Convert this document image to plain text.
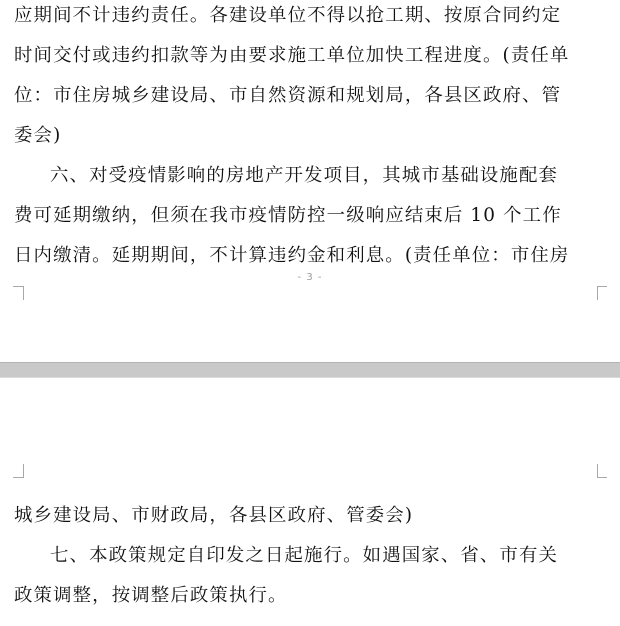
应期间不计违约责任。各建设单位不得以抢工期、按原合同约定
时间交付或违约扣款等为由要求施工单位加快工程进度。(责任单
位：市住房城乡建设局、市自然资源和规划局，各县区政府、管
委会)
六、对受疫情影响的房地产开发项目，其城市基础设施配套
费可延期缴纳，但须在我市疫情防控一级响应结束后 10 个工作
日内缴清。延期期间，不计算违约金和利息。(责任单位：市住房
- 3 -
城乡建设局、市财政局，各县区政府、管委会)
七、本政策规定自印发之日起施行。如遇国家、省、市有关
政策调整，按调整后政策执行。
